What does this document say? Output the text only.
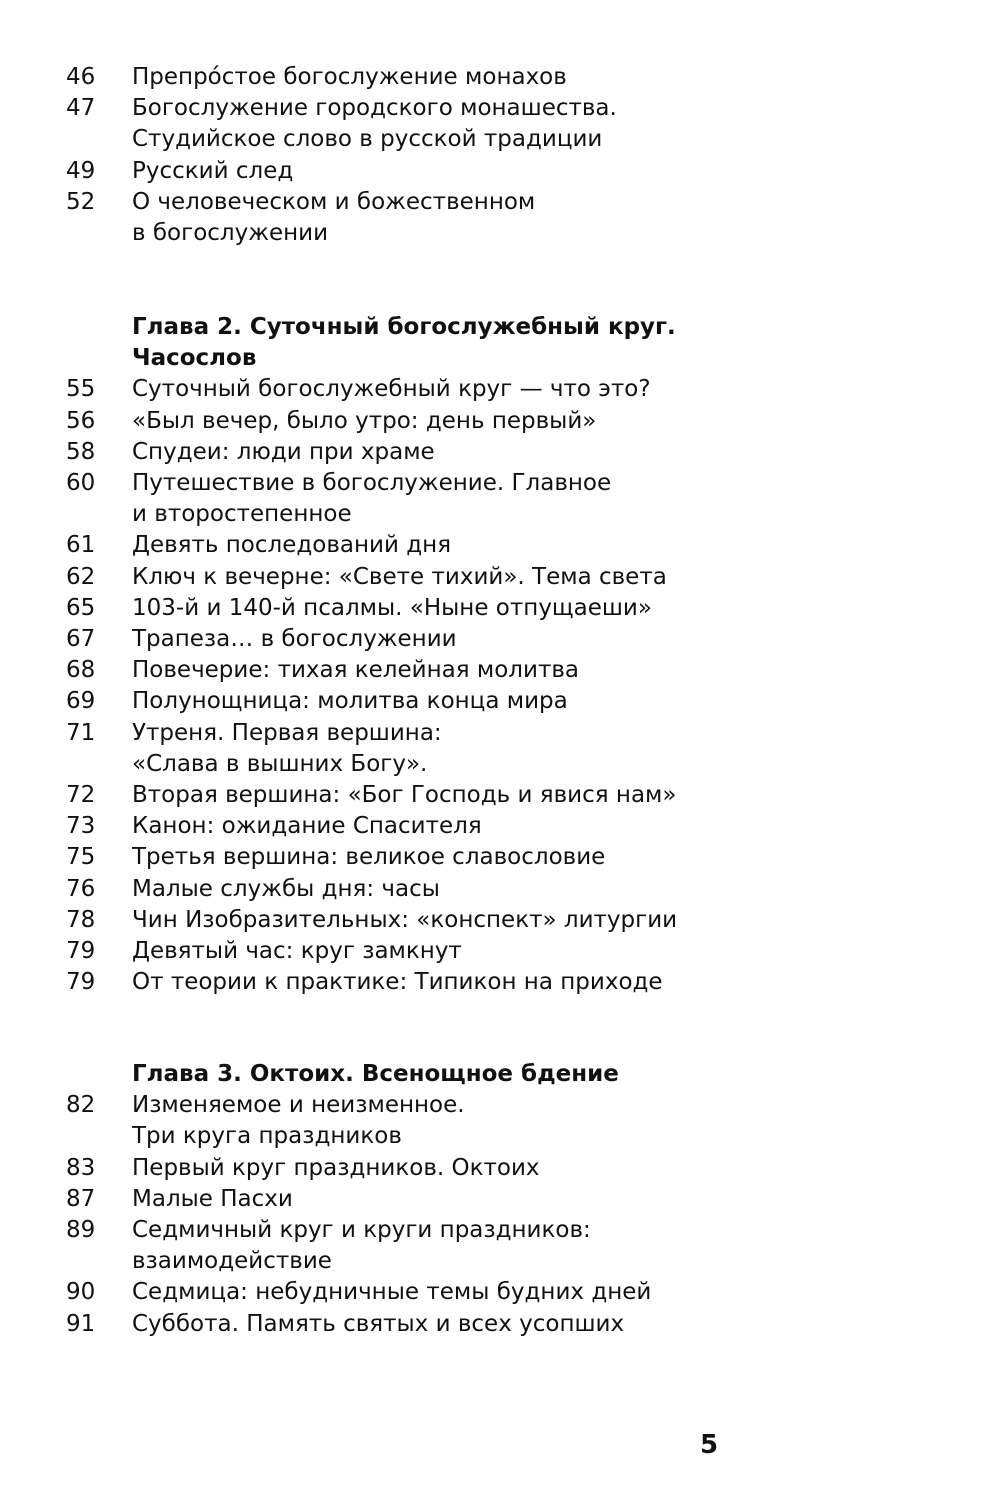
46	Препро́стое богослужение монахов
47	Богослужение городского монашества.
Студийское слово в русской традиции
49	Русский след
52	О человеческом и божественном
в богослужении
Глава 2. Суточный богослужебный круг.
Часослов
55	Суточный богослужебный круг — что это?
56	«Был вечер, было утро: день первый»
58	Спудеи: люди при храме
60	Путешествие в богослужение. Главное
и второстепенное
61	Девять последований дня
62	Ключ к вечерне: «Свете тихий». Тема света
65	103-й и 140-й псалмы. «Ныне отпущаеши»
67	Трапеза… в богослужении
68	Повечерие: тихая келейная молитва
69	Полунощница: молитва конца мира
71	Утреня. Первая вершина:
«Слава в вышних Богу».
72	Вторая вершина: «Бог Господь и явися нам»
73	Канон: ожидание Спасителя
75	Третья вершина: великое славословие
76	Малые службы дня: часы
78	Чин Изобразительных: «конспект» литургии
79	Девятый час: круг замкнут
79	От теории к практике: Типикон на приходе
Глава 3. Октоих. Всенощное бдение
82	Изменяемое и неизменное.
Три круга праздников
83	Первый круг праздников. Октоих
87	Малые Пасхи
89	Седмичный круг и круги праздников:
взаимодействие
90	Седмица: небудничные темы будних дней
91	Суббота. Память святых и всех усопших
5
